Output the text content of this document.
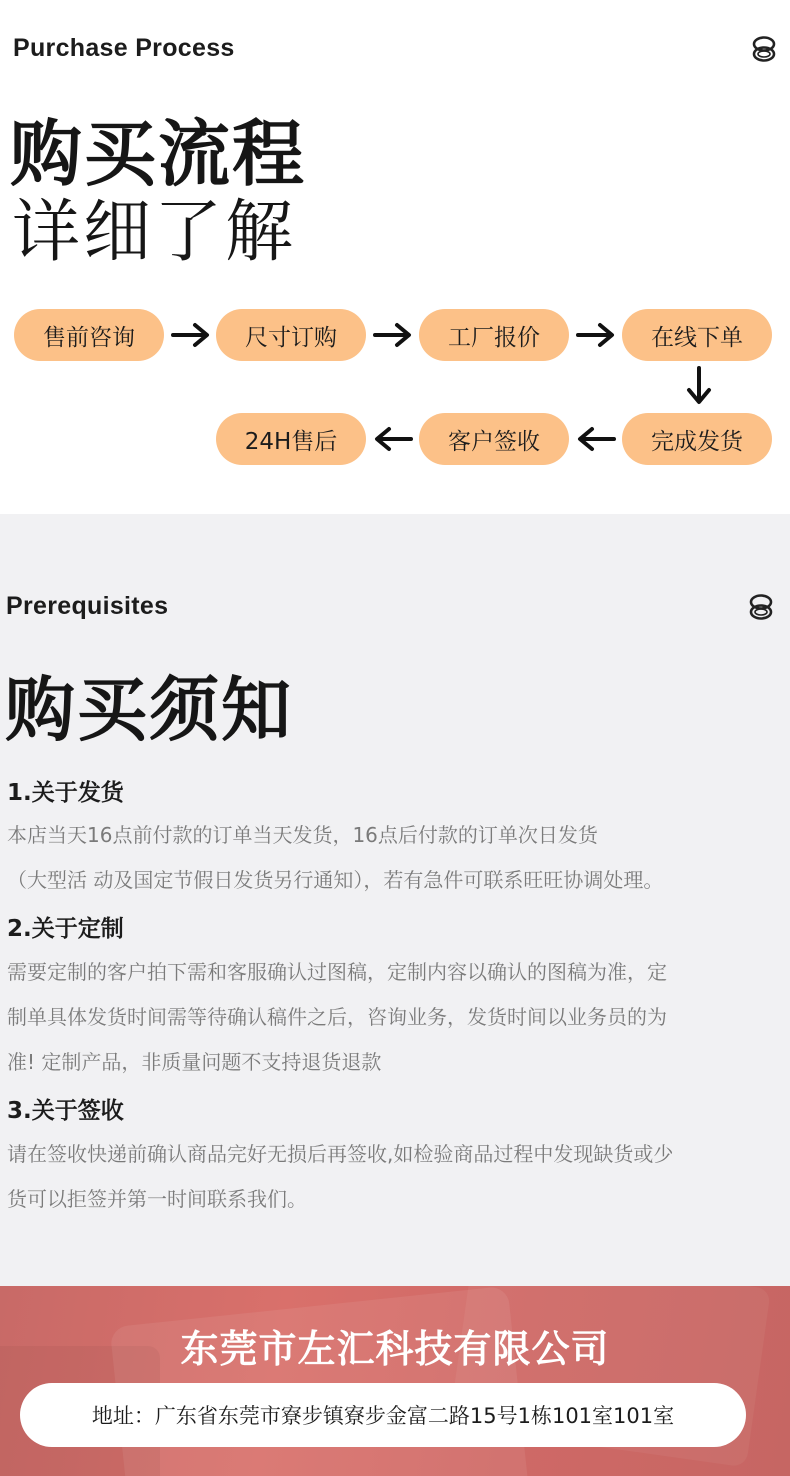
Purchase Process
购买流程
详细了解
售前咨询	尺寸订购	工厂报价	在线下单
完成发货
客户签收
24H售后
Prerequisites
购买须知
1.关于发货
本店当天16点前付款的订单当天发货，16点后付款的订单次日发货
（大型活 动及国定节假日发货另行通知），若有急件可联系旺旺协调处理。
2.关于定制
需要定制的客户拍下需和客服确认过图稿，定制内容以确认的图稿为准，定
制单具体发货时间需等待确认稿件之后，咨询业务，发货时间以业务员的为
准! 定制产品，非质量问题不支持退货退款
3.关于签收
请在签收快递前确认商品完好无损后再签收,如检验商品过程中发现缺货或少
货可以拒签并第一时间联系我们。
东莞市左汇科技有限公司
地址：广东省东莞市寮步镇寮步金富二路15号1栋101室101室
